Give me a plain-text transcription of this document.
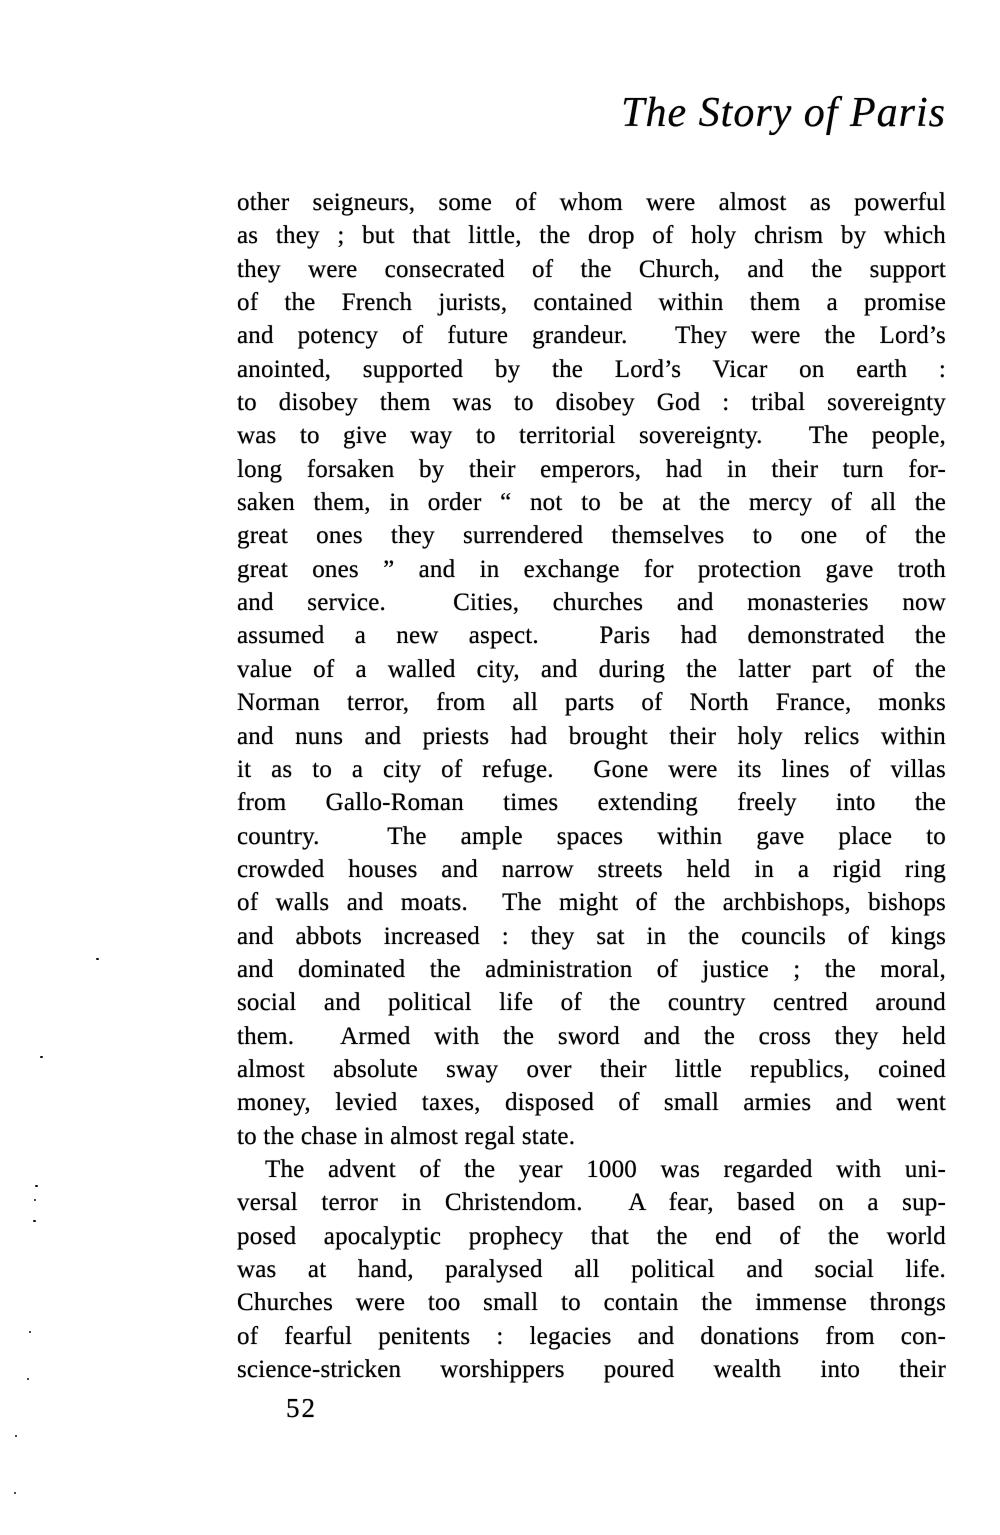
The Story of Paris
other seigneurs, some of whom were almost as powerful
as they ; but that little, the drop of holy chrism by which
they were consecrated of the Church, and the support
of the French jurists, contained within them a promise
and potency of future grandeur.  They were the Lord’s
anointed, supported by the Lord’s Vicar on earth :
to disobey them was to disobey God : tribal sovereignty
was to give way to territorial sovereignty.  The people,
long forsaken by their emperors, had in their turn for-
saken them, in order “ not to be at the mercy of all the
great ones they surrendered themselves to one of the
great ones ” and in exchange for protection gave troth
and service.  Cities, churches and monasteries now
assumed a new aspect.  Paris had demonstrated the
value of a walled city, and during the latter part of the
Norman terror, from all parts of North France, monks
and nuns and priests had brought their holy relics within
it as to a city of refuge.  Gone were its lines of villas
from Gallo-Roman times extending freely into the
country.  The ample spaces within gave place to
crowded houses and narrow streets held in a rigid ring
of walls and moats.  The might of the archbishops, bishops
and abbots increased : they sat in the councils of kings
and dominated the administration of justice ; the moral,
social and political life of the country centred around
them.  Armed with the sword and the cross they held
almost absolute sway over their little republics, coined
money, levied taxes, disposed of small armies and went
to the chase in almost regal state.
The advent of the year 1000 was regarded with uni-
versal terror in Christendom.  A fear, based on a sup-
posed apocalyptic prophecy that the end of the world
was at hand, paralysed all political and social life.
Churches were too small to contain the immense throngs
of fearful penitents : legacies and donations from con-
science-stricken worshippers poured wealth into their
52
